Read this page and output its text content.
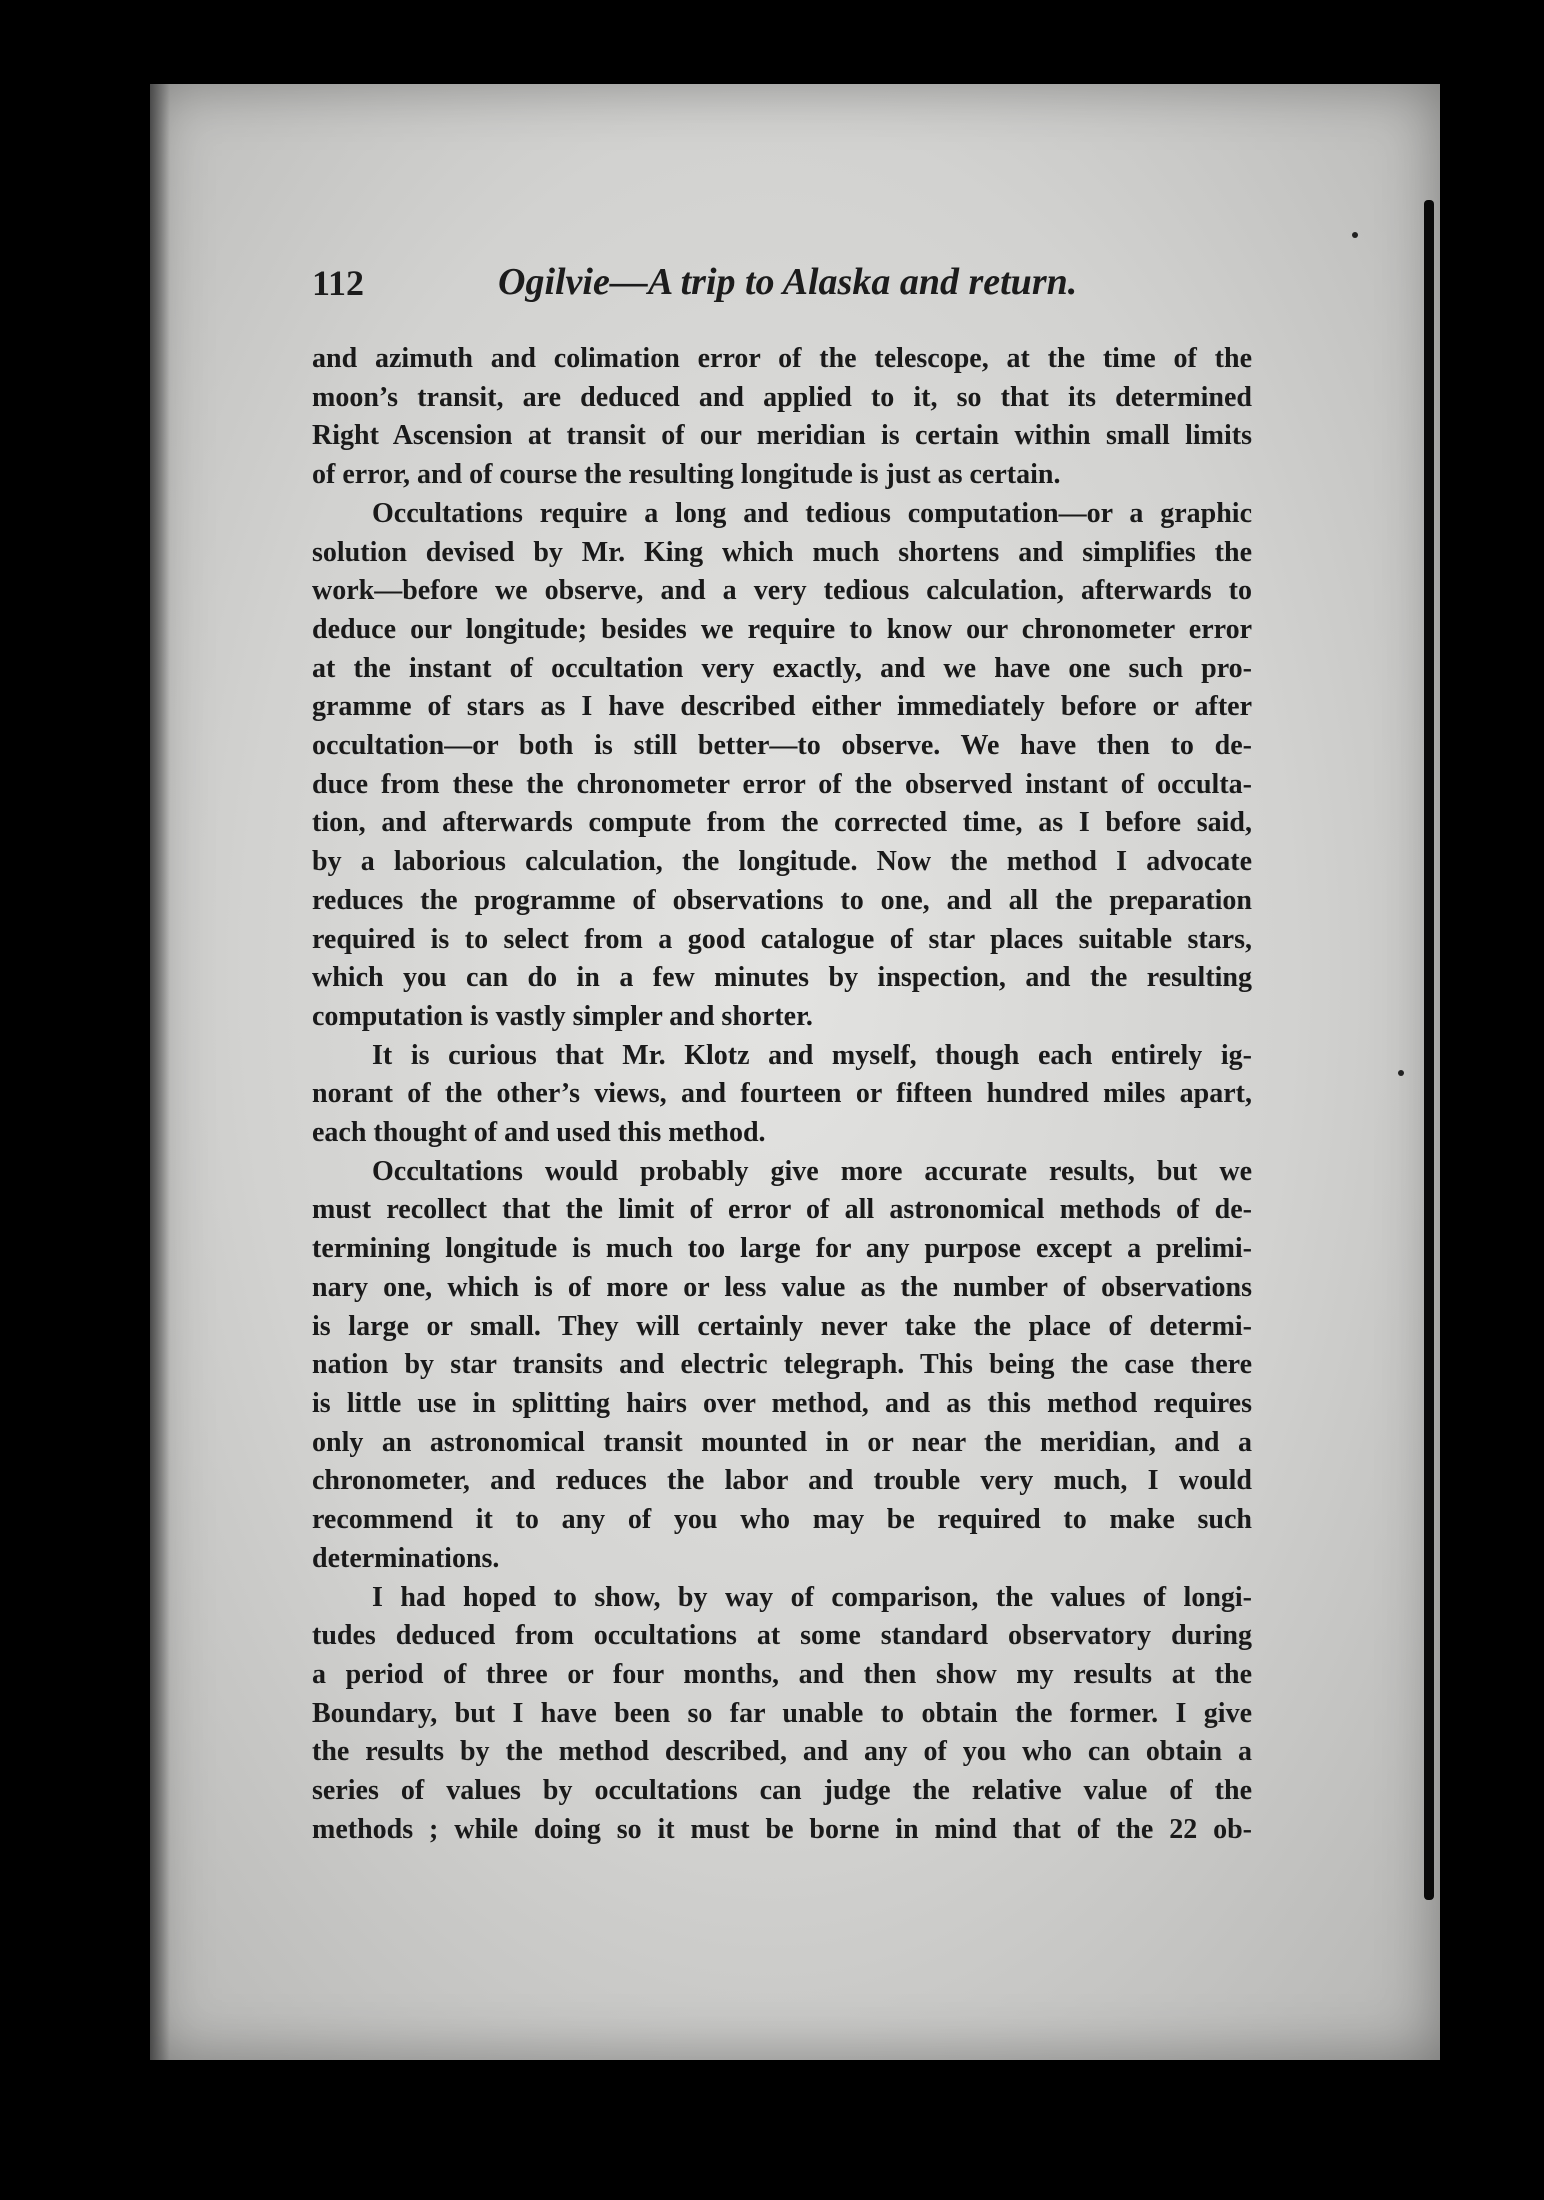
112	Ogilvie—A trip to Alaska and return.
and azimuth and colimation error of the telescope, at the time of the
moon’s transit, are deduced and applied to it, so that its determined
Right Ascension at transit of our meridian is certain within small limits
of error, and of course the resulting longitude is just as certain.
Occultations require a long and tedious computation—or a graphic
solution devised by Mr. King which much shortens and simplifies the
work—before we observe, and a very tedious calculation, afterwards to
deduce our longitude; besides we require to know our chronometer error
at the instant of occultation very exactly, and we have one such pro-
gramme of stars as I have described either immediately before or after
occultation—or both is still better—to observe. We have then to de-
duce from these the chronometer error of the observed instant of occulta-
tion, and afterwards compute from the corrected time, as I before said,
by a laborious calculation, the longitude. Now the method I advocate
reduces the programme of observations to one, and all the preparation
required is to select from a good catalogue of star places suitable stars,
which you can do in a few minutes by inspection, and the resulting
computation is vastly simpler and shorter.
It is curious that Mr. Klotz and myself, though each entirely ig-
norant of the other’s views, and fourteen or fifteen hundred miles apart,
each thought of and used this method.
Occultations would probably give more accurate results, but we
must recollect that the limit of error of all astronomical methods of de-
termining longitude is much too large for any purpose except a prelimi-
nary one, which is of more or less value as the number of observations
is large or small. They will certainly never take the place of determi-
nation by star transits and electric telegraph. This being the case there
is little use in splitting hairs over method, and as this method requires
only an astronomical transit mounted in or near the meridian, and a
chronometer, and reduces the labor and trouble very much, I would
recommend it to any of you who may be required to make such
determinations.
I had hoped to show, by way of comparison, the values of longi-
tudes deduced from occultations at some standard observatory during
a period of three or four months, and then show my results at the
Boundary, but I have been so far unable to obtain the former. I give
the results by the method described, and any of you who can obtain a
series of values by occultations can judge the relative value of the
methods ; while doing so it must be borne in mind that of the 22 ob-
